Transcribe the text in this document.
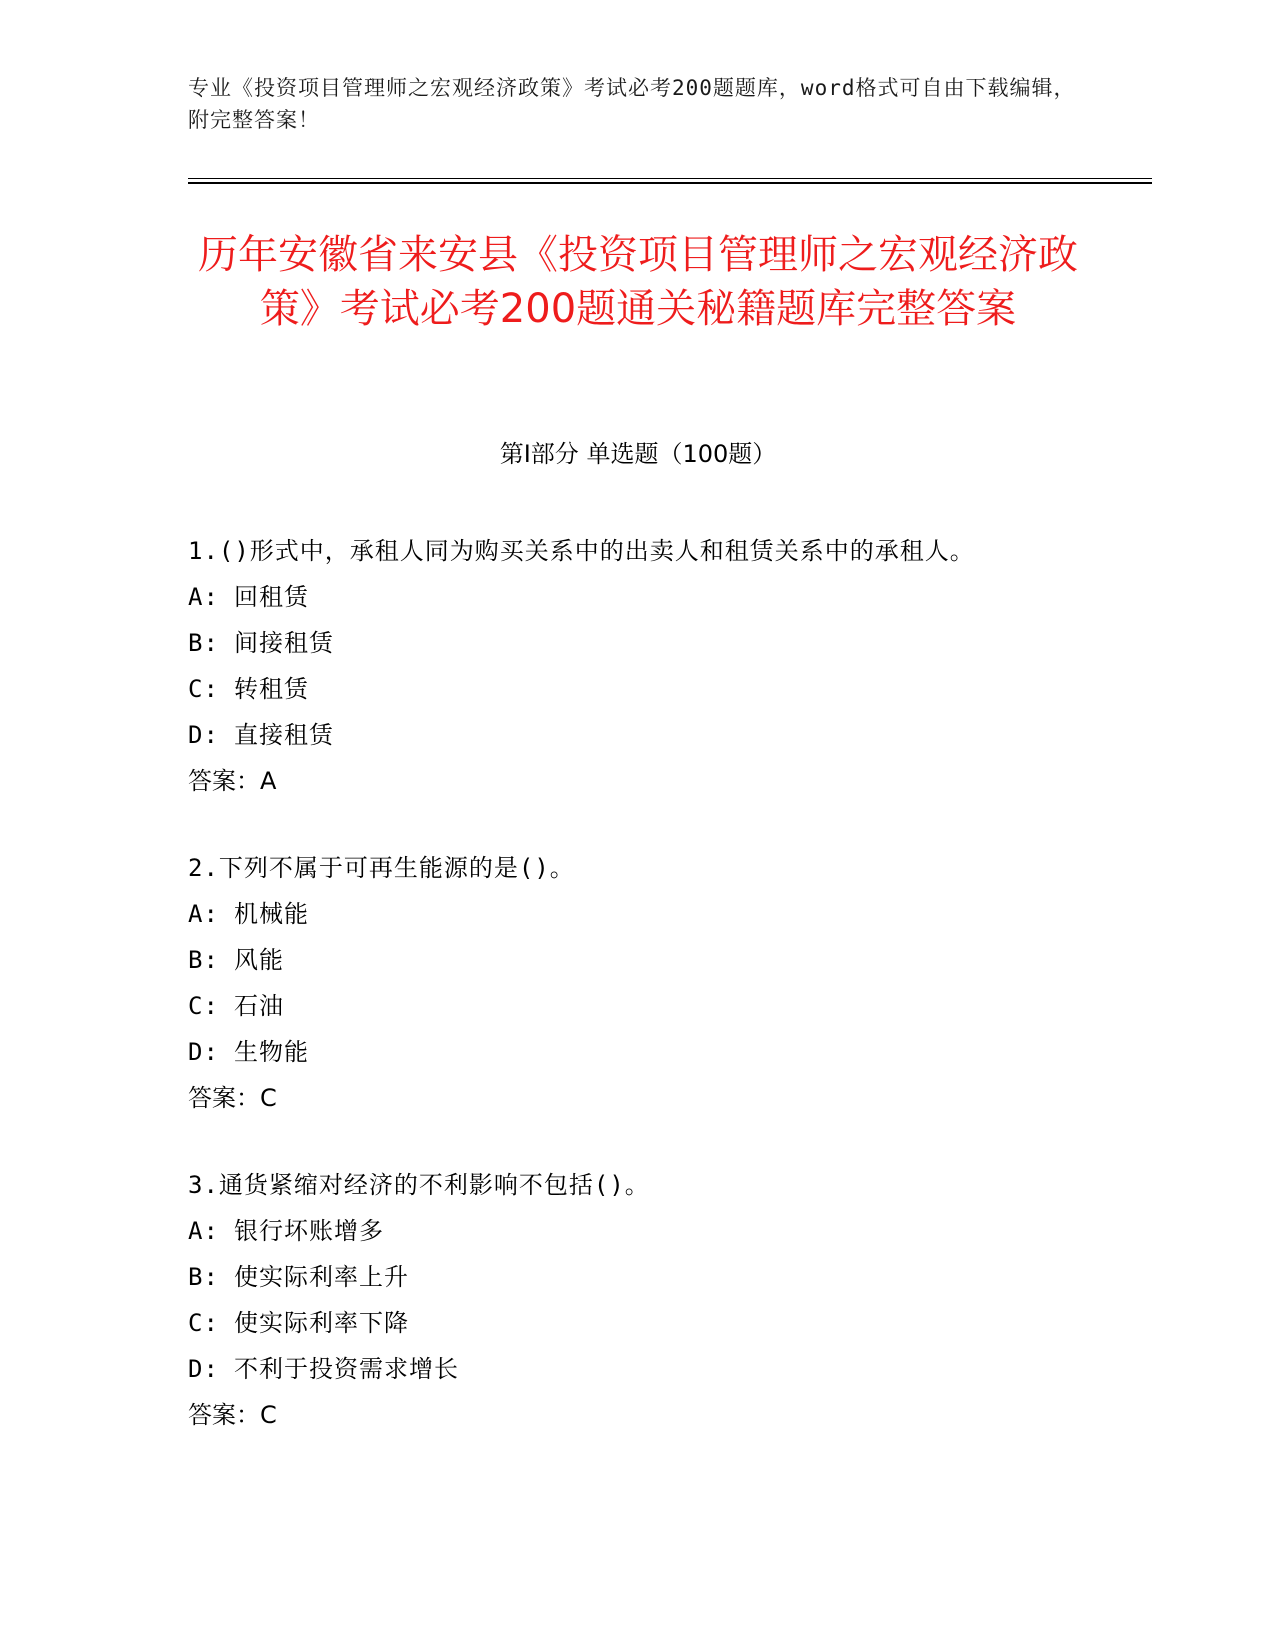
专业《投资项目管理师之宏观经济政策》考试必考200题题库，word格式可自由下载编辑，附完整答案！
历年安徽省来安县《投资项目管理师之宏观经济政策》考试必考200题通关秘籍题库完整答案
第Ⅰ部分 单选题（100题）

1.()形式中，承租人同为购买关系中的出卖人和租赁关系中的承租人。

A: 回租赁

B: 间接租赁

C: 转租赁

D: 直接租赁

答案：A

2.下列不属于可再生能源的是()。

A: 机械能

B: 风能

C: 石油

D: 生物能

答案：C

3.通货紧缩对经济的不利影响不包括()。

A: 银行坏账增多

B: 使实际利率上升

C: 使实际利率下降

D: 不利于投资需求增长

答案：C
